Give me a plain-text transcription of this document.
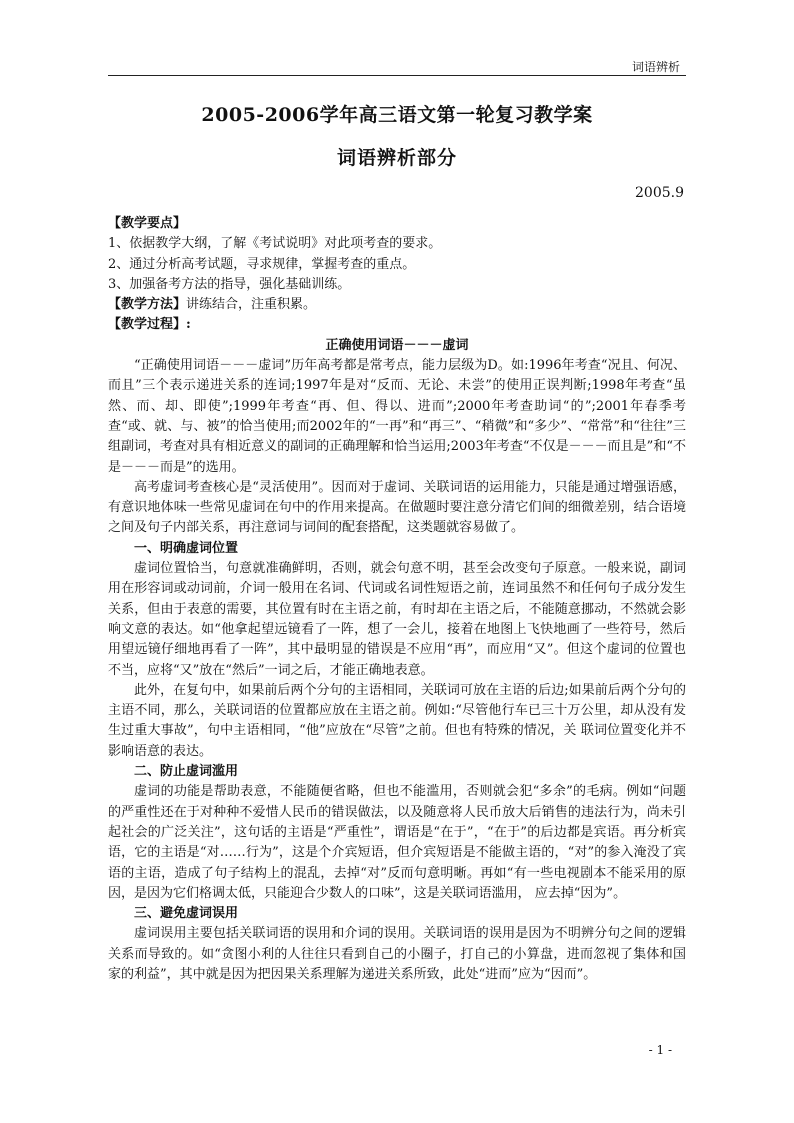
词语辨析
2005-2006学年高三语文第一轮复习教学案
词语辨析部分
2005.9

【教学要点】

1、依据教学大纲，了解《考试说明》对此项考查的要求。

2、通过分析高考试题，寻求规律，掌握考查的重点。

3、加强备考方法的指导，强化基础训练。

【教学方法】讲练结合，注重积累。

【教学过程】:

正确使用词语－－－虚词

“正确使用词语－－－虚词”历年高考都是常考点，能力层级为D。如:1996年考查“况且、何况、而且”三个表示递进关系的连词;1997年是对“反而、无论、未尝”的使用正误判断;1998年考查“虽然、而、却、即使”;1999年考查“再、但、得以、进而”;2000年考查助词“的”;2001年春季考查“或、就、与、被”的恰当使用;而2002年的“一再”和“再三”、“稍微”和“多少”、“常常”和“往往”三组副词，考查对具有相近意义的副词的正确理解和恰当运用;2003年考查“不仅是－－－而且是”和“不是－－－而是”的选用。

高考虚词考查核心是“灵活使用”。因而对于虚词、关联词语的运用能力，只能是通过增强语感，有意识地体味一些常见虚词在句中的作用来提高。在做题时要注意分清它们间的细微差别，结合语境之间及句子内部关系，再注意词与词间的配套搭配，这类题就容易做了。

一、明确虚词位置

虚词位置恰当，句意就准确鲜明，否则，就会句意不明，甚至会改变句子原意。一般来说，副词用在形容词或动词前，介词一般用在名词、代词或名词性短语之前，连词虽然不和任何句子成分发生关系，但由于表意的需要，其位置有时在主语之前，有时却在主语之后，不能随意挪动，不然就会影响文意的表达。如“他拿起望远镜看了一阵，想了一会儿，接着在地图上飞快地画了一些符号，然后用望远镜仔细地再看了一阵”，其中最明显的错误是不应用“再”，而应用“又”。但这个虚词的位置也不当，应将“又”放在“然后”一词之后，才能正确地表意。

此外，在复句中，如果前后两个分句的主语相同，关联词可放在主语的后边;如果前后两个分句的主语不同，那么，关联词语的位置都应放在主语之前。例如:“尽管他行车已三十万公里，却从没有发生过重大事故”，句中主语相同，“他”应放在“尽管”之前。但也有特殊的情况，关 联词位置变化并不影响语意的表达。

二、防止虚词滥用

虚词的功能是帮助表意，不能随便省略，但也不能滥用，否则就会犯“多余”的毛病。例如“问题的严重性还在于对种种不爱惜人民币的错误做法，以及随意将人民币放大后销售的违法行为，尚未引起社会的广泛关注”，这句话的主语是“严重性”，谓语是“在于”，“在于”的后边都是宾语。再分析宾语，它的主语是“对……行为”，这是个介宾短语，但介宾短语是不能做主语的，“对”的参入淹没了宾语的主语，造成了句子结构上的混乱，去掉“对”反而句意明晰。再如“有一些电视剧本不能采用的原因，是因为它们格调太低，只能迎合少数人的口味”，这是关联词语滥用， 应去掉“因为”。

三、避免虚词误用

虚词误用主要包括关联词语的误用和介词的误用。关联词语的误用是因为不明辨分句之间的逻辑关系而导致的。如“贪图小利的人往往只看到自己的小圈子，打自己的小算盘，进而忽视了集体和国家的利益”，其中就是因为把因果关系理解为递进关系所致，此处“进而”应为“因而”。

- 1 -
